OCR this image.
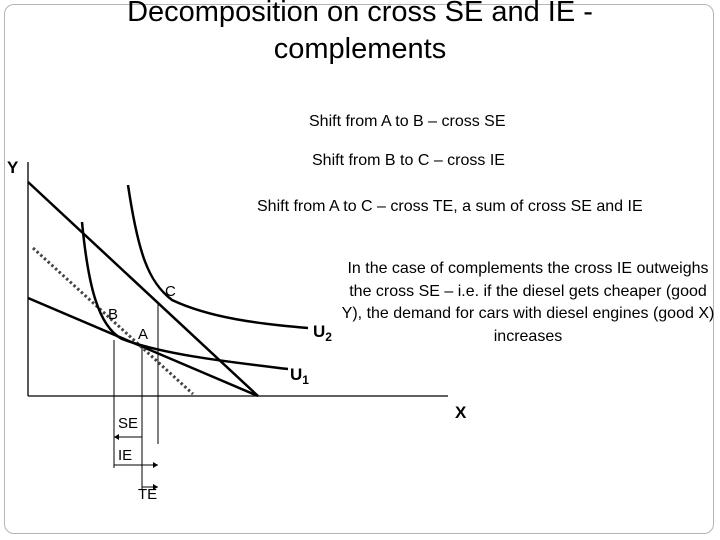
Decomposition on cross SE and IE - complements
Shift from A to B – cross SE
Shift from B to C – cross IE
Shift from A to C – cross TE, a sum of cross SE and IE
In the case of complements the cross IE outweighs the cross SE – i.e. if the diesel gets cheaper (good Y), the demand for cars with diesel engines (good X) increases
Y
X
$U_1$
$U_2$
A
B
C
SE
IE
TE
